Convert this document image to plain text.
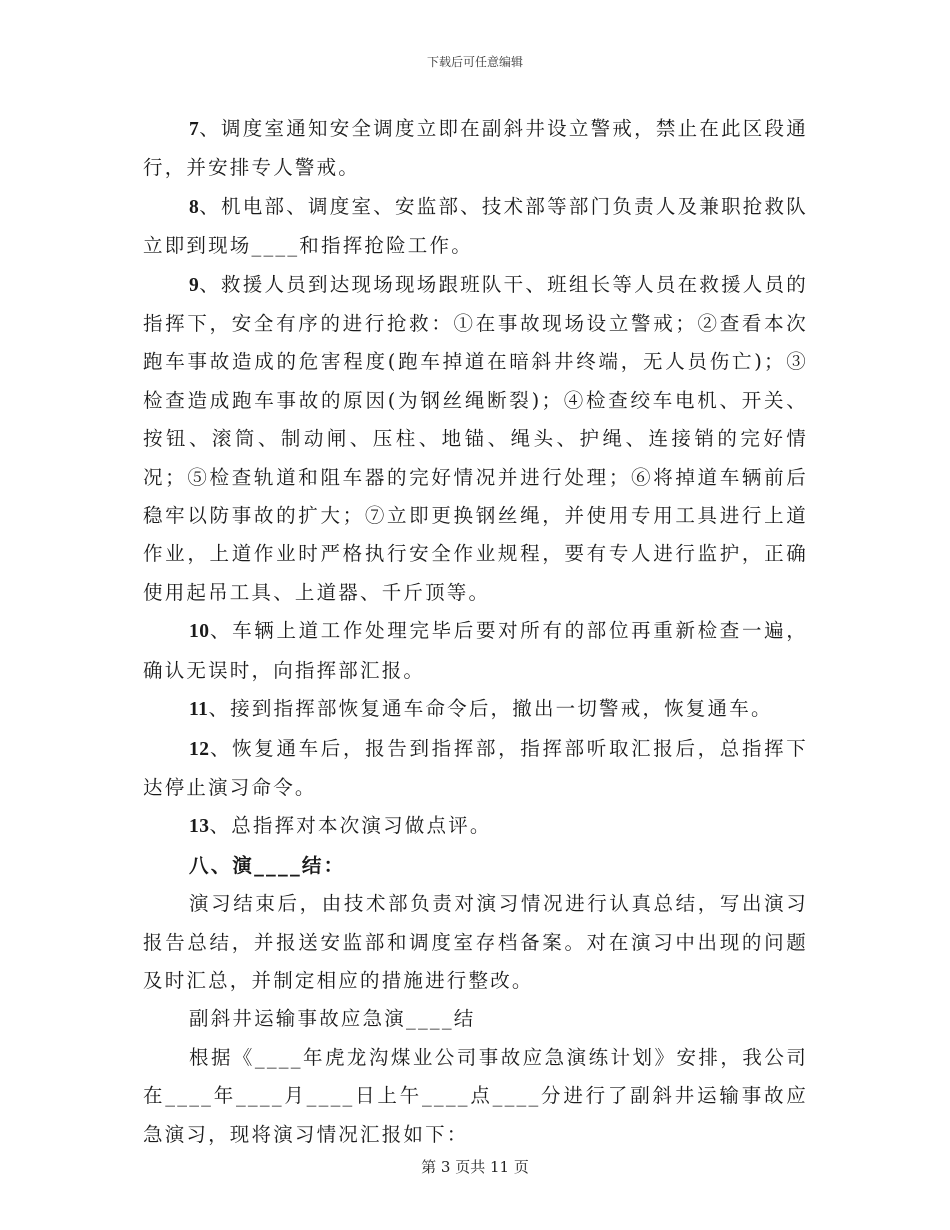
下载后可任意编辑

7、调度室通知安全调度立即在副斜井设立警戒，禁止在此区段通行，并安排专人警戒。

8、机电部、调度室、安监部、技术部等部门负责人及兼职抢救队立即到现场____和指挥抢险工作。

9、救援人员到达现场现场跟班队干、班组长等人员在救援人员的指挥下，安全有序的进行抢救：①在事故现场设立警戒；②查看本次跑车事故造成的危害程度(跑车掉道在暗斜井终端，无人员伤亡)；③检查造成跑车事故的原因(为钢丝绳断裂)；④检查绞车电机、开关、按钮、滚筒、制动闸、压柱、地锚、绳头、护绳、连接销的完好情况；⑤检查轨道和阻车器的完好情况并进行处理；⑥将掉道车辆前后稳牢以防事故的扩大；⑦立即更换钢丝绳，并使用专用工具进行上道作业，上道作业时严格执行安全作业规程，要有专人进行监护，正确使用起吊工具、上道器、千斤顶等。

10、车辆上道工作处理完毕后要对所有的部位再重新检查一遍，确认无误时，向指挥部汇报。

11、接到指挥部恢复通车命令后，撤出一切警戒，恢复通车。

12、恢复通车后，报告到指挥部，指挥部听取汇报后，总指挥下达停止演习命令。

13、总指挥对本次演习做点评。

八、演____结：

演习结束后，由技术部负责对演习情况进行认真总结，写出演习报告总结，并报送安监部和调度室存档备案。对在演习中出现的问题及时汇总，并制定相应的措施进行整改。

副斜井运输事故应急演____结

根据《____年虎龙沟煤业公司事故应急演练计划》安排，我公司在____年____月____日上午____点____分进行了副斜井运输事故应急演习，现将演习情况汇报如下：

第 3 页共 11 页
